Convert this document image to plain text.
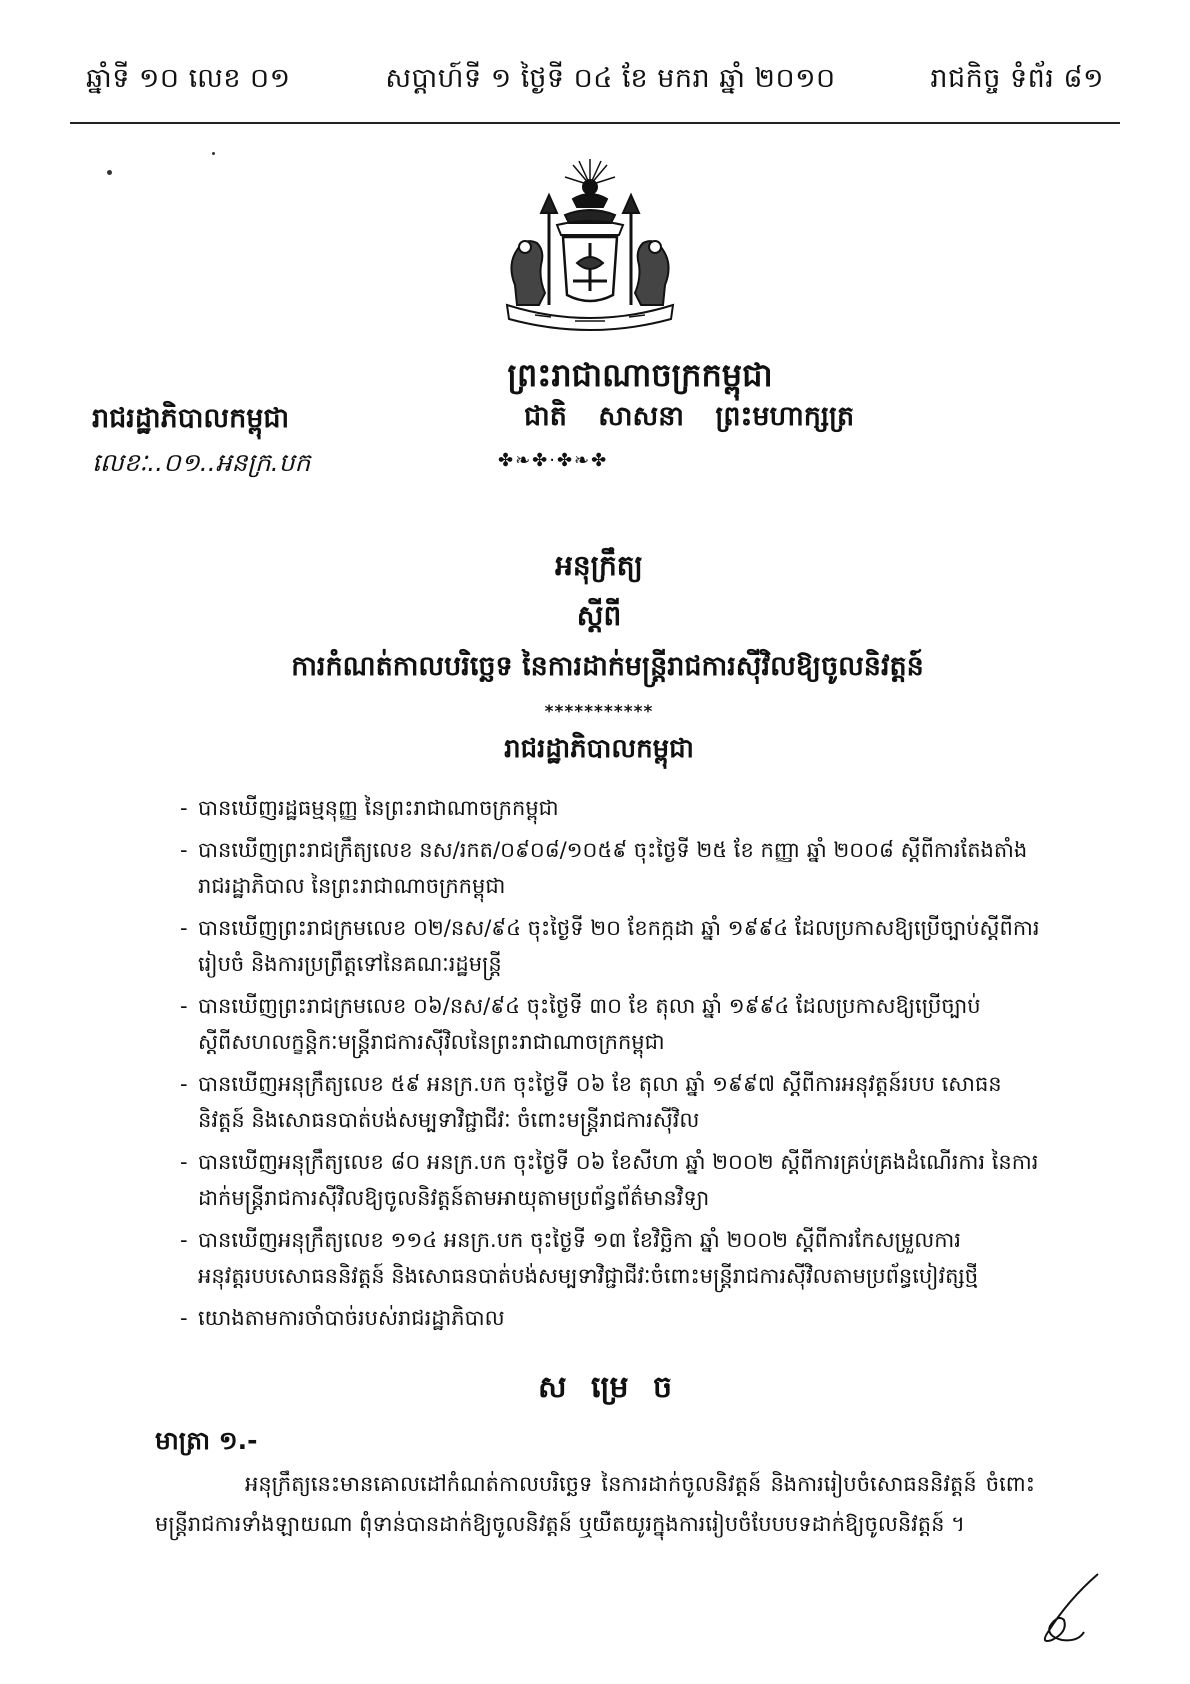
ឆ្នាំទី ១០ លេខ ០១	សប្តាហ៍ទី ១ ថ្ងៃទី ០៤ ខែ មករា ឆ្នាំ ២០១០	រាជកិច្ច ទំព័រ ៨១
ព្រះរាជាណាចក្រកម្ពុជា
រាជរដ្ឋាភិបាលកម្ពុជា	ជាតិ សាសនា ព្រះមហាក្សត្រ
លេខៈ..០១..អនក្រ.បក	✤❧✤·✤❧✤
អនុក្រឹត្យ
ស្តីពី
ការកំណត់កាលបរិច្ឆេទ នៃការដាក់មន្ត្រីរាជការស៊ីវិលឱ្យចូលនិវត្តន៍
***********
រាជរដ្ឋាភិបាលកម្ពុជា
- បានឃើញរដ្ឋធម្មនុញ្ញ នៃព្រះរាជាណាចក្រកម្ពុជា
- បានឃើញព្រះរាជក្រឹត្យលេខ នស/រកត/០៩០៨/១០៥៩ ចុះថ្ងៃទី ២៥ ខែ កញ្ញា ឆ្នាំ ២០០៨ ស្តីពីការតែងតាំងរាជរដ្ឋាភិបាល នៃព្រះរាជាណាចក្រកម្ពុជា
- បានឃើញព្រះរាជក្រមលេខ ០២/នស/៩៤ ចុះថ្ងៃទី ២០ ខែកក្កដា ឆ្នាំ ១៩៩៤ ដែលប្រកាសឱ្យប្រើច្បាប់ស្តីពីការរៀបចំ និងការប្រព្រឹត្តទៅនៃគណៈរដ្ឋមន្ត្រី
- បានឃើញព្រះរាជក្រមលេខ ០៦/នស/៩៤ ចុះថ្ងៃទី ៣០ ខែ តុលា ឆ្នាំ ១៩៩៤ ដែលប្រកាសឱ្យប្រើច្បាប់ស្តីពីសហលក្ខន្តិកៈមន្ត្រីរាជការស៊ីវិលនៃព្រះរាជាណាចក្រកម្ពុជា
- បានឃើញអនុក្រឹត្យលេខ ៥៩ អនក្រ.បក ចុះថ្ងៃទី ០៦ ខែ តុលា ឆ្នាំ ១៩៩៧ ស្តីពីការអនុវត្តន៍របប សោធននិវត្តន៍ និងសោធនបាត់បង់សម្បទាវិជ្ជាជីវៈ ចំពោះមន្ត្រីរាជការស៊ីវិល
- បានឃើញអនុក្រឹត្យលេខ ៨០ អនក្រ.បក ចុះថ្ងៃទី ០៦ ខែសីហា ឆ្នាំ ២០០២ ស្តីពីការគ្រប់គ្រងដំណើរការ នៃការដាក់មន្ត្រីរាជការស៊ីវិលឱ្យចូលនិវត្តន៍តាមអាយុតាមប្រព័ន្ធព័ត៌មានវិទ្យា
- បានឃើញអនុក្រឹត្យលេខ ១១៤ អនក្រ.បក ចុះថ្ងៃទី ១៣ ខែវិច្ឆិកា ឆ្នាំ ២០០២ ស្តីពីការកែសម្រួលការអនុវត្តរបបសោធននិវត្តន៍ និងសោធនបាត់បង់សម្បទាវិជ្ជាជីវៈចំពោះមន្ត្រីរាជការស៊ីវិលតាមប្រព័ន្ធបៀវត្សថ្មី
- យោងតាមការចាំបាច់របស់រាជរដ្ឋាភិបាល
ស ម្រេ ច
មាត្រា ១.-
អនុក្រឹត្យនេះមានគោលដៅកំណត់កាលបរិច្ឆេទ នៃការដាក់ចូលនិវត្តន៍ និងការរៀបចំសោធននិវត្តន៍ ចំពោះមន្ត្រីរាជការទាំងឡាយណា ពុំទាន់បានដាក់ឱ្យចូលនិវត្តន៍ ឬយឺតយូរក្នុងការរៀបចំបែបបទដាក់ឱ្យចូលនិវត្តន៍ ។
